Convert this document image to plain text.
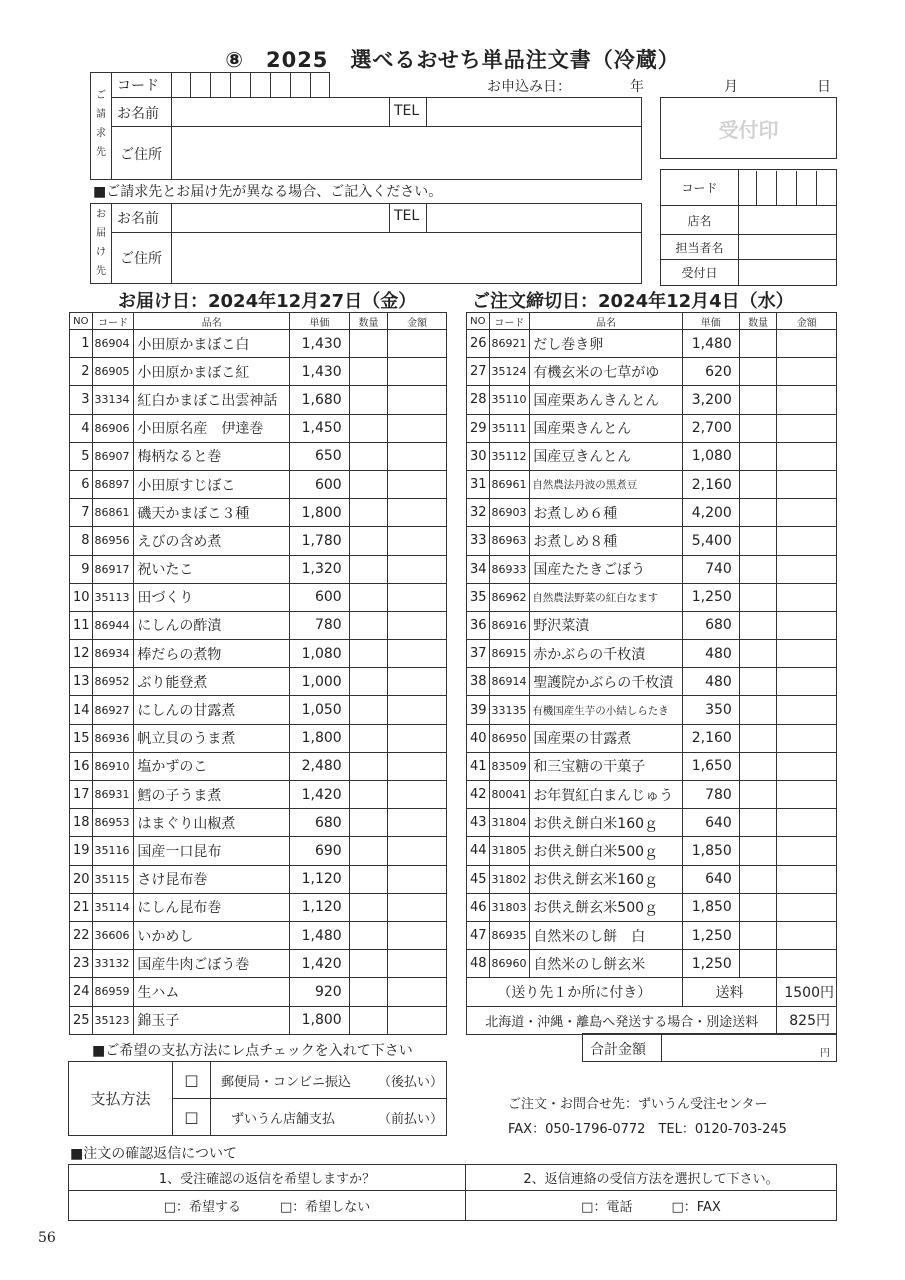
⑧　2025　選べるおせち単品注文書（冷蔵）
ご
請
求
先
コード	お申込み日：	年	月	日
お名前	TEL
ご住所
受付印
■ご請求先とお届け先が異なる場合、ご記入ください。
お
届
け
先
お名前	TEL
ご住所
コード	

店名	
担当者名	
受付日	
お届け日：2024年12月27日（金）	ご注文締切日：2024年12月4日（水）
NO	コード	品名	単価	数量	金額
1	86904	小田原かまぼこ白	1,430		
2	86905	小田原かまぼこ紅	1,430		
3	33134	紅白かまぼこ出雲神話	1,680		
4	86906	小田原名産　伊達巻	1,450		
5	86907	梅柄なると巻	650		
6	86897	小田原すじぼこ	600		
7	86861	磯天かまぼこ３種	1,800		
8	86956	えびの含め煮	1,780		
9	86917	祝いたこ	1,320		
10	35113	田づくり	600		
11	86944	にしんの酢漬	780		
12	86934	棒だらの煮物	1,080		
13	86952	ぶり能登煮	1,000		
14	86927	にしんの甘露煮	1,050		
15	86936	帆立貝のうま煮	1,800		
16	86910	塩かずのこ	2,480		
17	86931	鱈の子うま煮	1,420		
18	86953	はまぐり山椒煮	680		
19	35116	国産一口昆布	690		
20	35115	さけ昆布巻	1,120		
21	35114	にしん昆布巻	1,120		
22	36606	いかめし	1,480		
23	33132	国産牛肉ごぼう巻	1,420		
24	86959	生ハム	920		
25	35123	錦玉子	1,800		
NO	コード	品名	単価	数量	金額
26	86921	だし巻き卵	1,480		
27	35124	有機玄米の七草がゆ	620		
28	35110	国産栗あんきんとん	3,200		
29	35111	国産栗きんとん	2,700		
30	35112	国産豆きんとん	1,080		
31	86961	自然農法丹波の黒煮豆	2,160		
32	86903	お煮しめ６種	4,200		
33	86963	お煮しめ８種	5,400		
34	86933	国産たたきごぼう	740		
35	86962	自然農法野菜の紅白なます	1,250		
36	86916	野沢菜漬	680		
37	86915	赤かぶらの千枚漬	480		
38	86914	聖護院かぶらの千枚漬	480		
39	33135	有機国産生芋の小結しらたき	350		
40	86950	国産栗の甘露煮	2,160		
41	83509	和三宝糖の干菓子	1,650		
42	80041	お年賀紅白まんじゅう	780		
43	31804	お供え餅白米160ｇ	640		
44	31805	お供え餅白米500ｇ	1,850		
45	31802	お供え餅玄米160ｇ	640		
46	31803	お供え餅玄米500ｇ	1,850		
47	86935	自然米のし餅　白	1,250		
48	86960	自然米のし餅玄米	1,250		
（送り先１か所に付き）			送料		1500円
北海道・沖縄・離島へ発送する場合・別途送料					825円
合計金額	円
■ご希望の支払方法にレ点チェックを入れて下さい
支払方法	□	郵便局・コンビニ振込 （後払い）

	□	ずいうん店舗支払 （前払い）
ご注文・お問合せ先：ずいうん受注センター
FAX：050-1796-0772　TEL：0120-703-245
■注文の確認返信について
1、受注確認の返信を希望しますか？	2、返信連絡の受信方法を選択して下さい。
□：希望する　　　□：希望しない	□：電話　　　□：FAX
56
